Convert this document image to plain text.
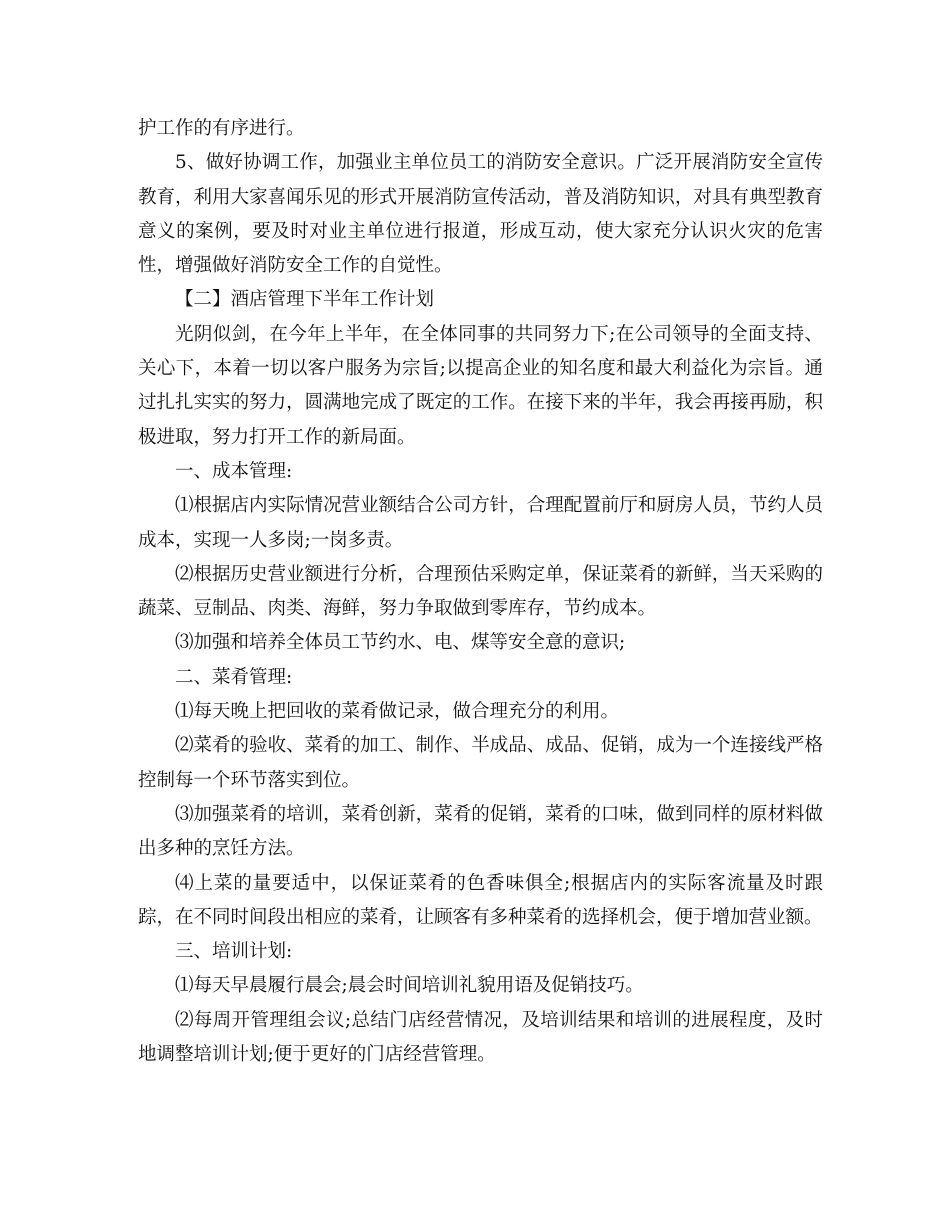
护工作的有序进行。

5、做好协调工作，加强业主单位员工的消防安全意识。广泛开展消防安全宣传教育，利用大家喜闻乐见的形式开展消防宣传活动，普及消防知识，对具有典型教育意义的案例，要及时对业主单位进行报道，形成互动，使大家充分认识火灾的危害性，增强做好消防安全工作的自觉性。

【二】酒店管理下半年工作计划

光阴似剑，在今年上半年，在全体同事的共同努力下;在公司领导的全面支持、关心下，本着一切以客户服务为宗旨;以提高企业的知名度和最大利益化为宗旨。通过扎扎实实的努力，圆满地完成了既定的工作。在接下来的半年，我会再接再励，积极进取，努力打开工作的新局面。

一、成本管理:

⑴根据店内实际情况营业额结合公司方针，合理配置前厅和厨房人员，节约人员成本，实现一人多岗;一岗多责。

⑵根据历史营业额进行分析，合理预估采购定单，保证菜肴的新鲜，当天采购的蔬菜、豆制品、肉类、海鲜，努力争取做到零库存，节约成本。

⑶加强和培养全体员工节约水、电、煤等安全意的意识;

二、菜肴管理:

⑴每天晚上把回收的菜肴做记录，做合理充分的利用。

⑵菜肴的验收、菜肴的加工、制作、半成品、成品、促销，成为一个连接线严格控制每一个环节落实到位。

⑶加强菜肴的培训，菜肴创新，菜肴的促销，菜肴的口味，做到同样的原材料做出多种的烹饪方法。

⑷上菜的量要适中，以保证菜肴的色香味俱全;根据店内的实际客流量及时跟踪，在不同时间段出相应的菜肴，让顾客有多种菜肴的选择机会，便于增加营业额。

三、培训计划:

⑴每天早晨履行晨会;晨会时间培训礼貌用语及促销技巧。

⑵每周开管理组会议;总结门店经营情况，及培训结果和培训的进展程度，及时地调整培训计划;便于更好的门店经营管理。
